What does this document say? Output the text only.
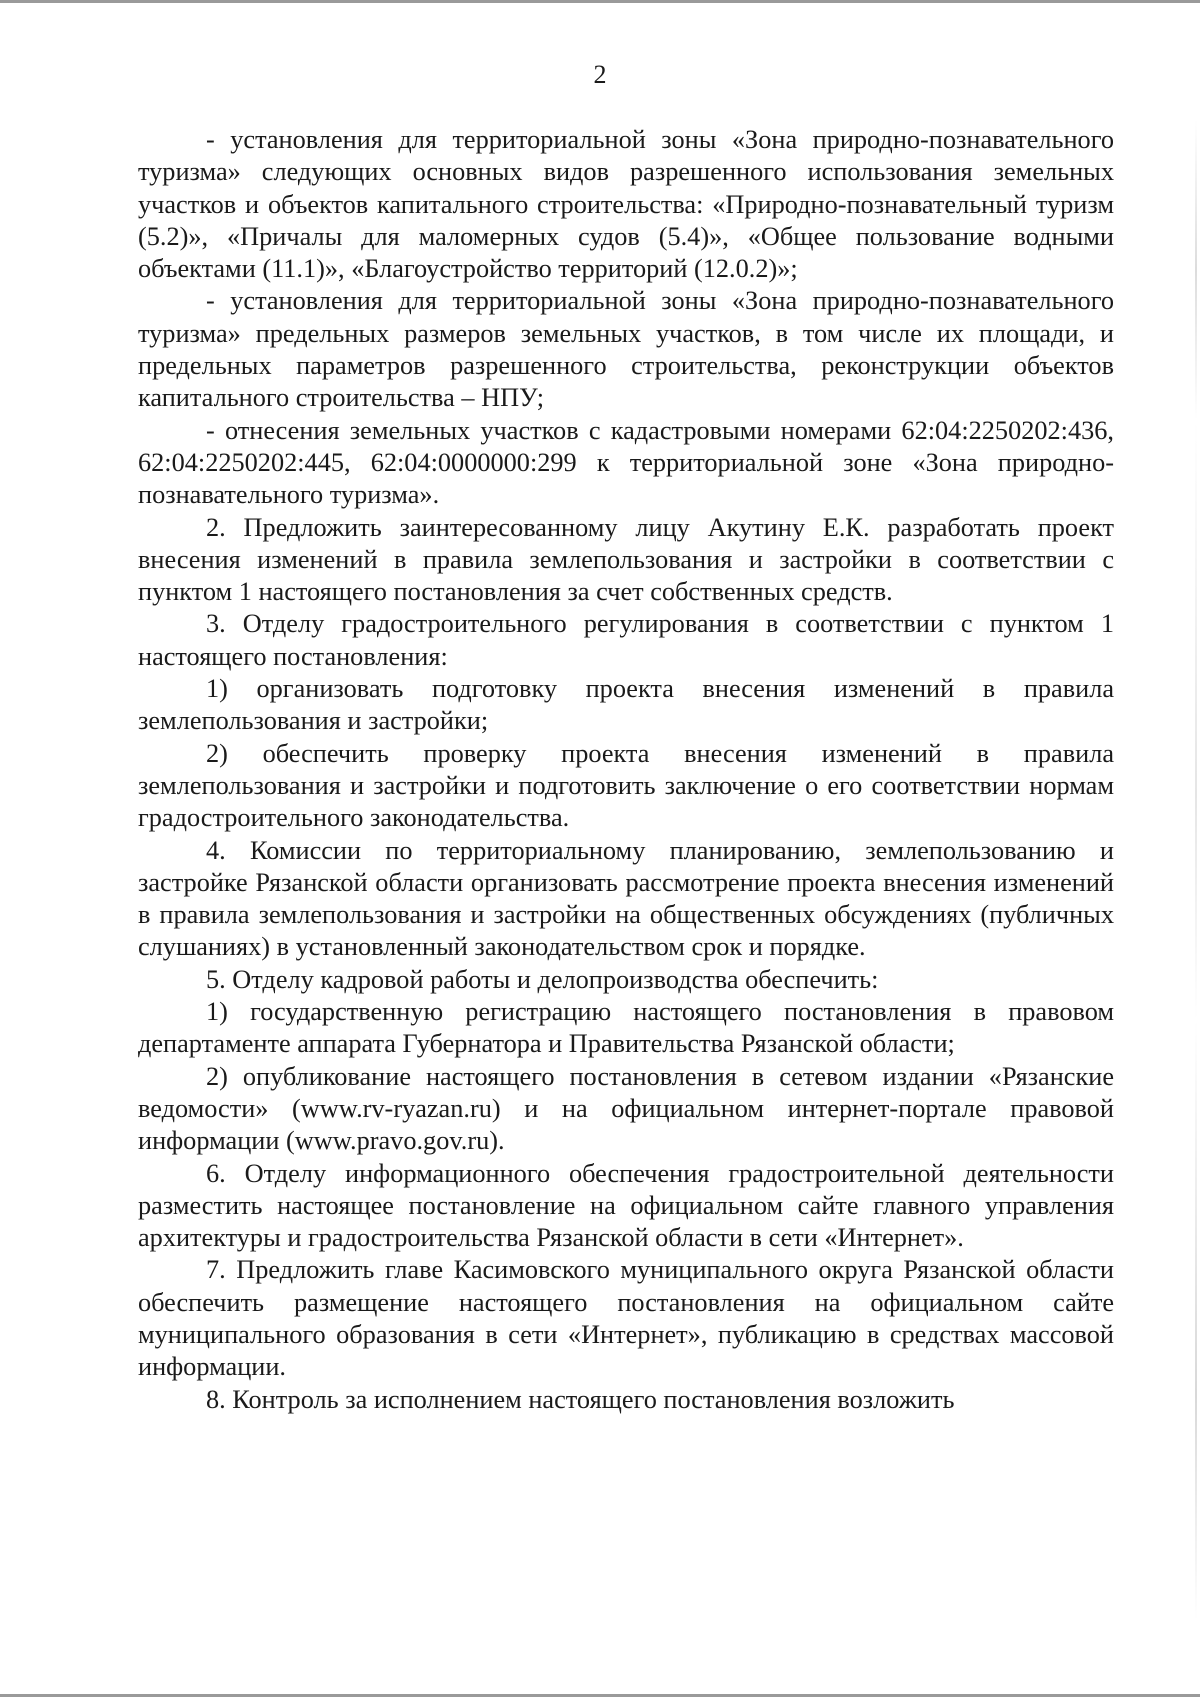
2

- установления для территориальной зоны «Зона природно-познавательного туризма» следующих основных видов разрешенного использования земельных участков и объектов капитального строительства: «Природно-познавательный туризм (5.2)», «Причалы для маломерных судов (5.4)», «Общее пользование водными объектами (11.1)», «Благоустройство территорий (12.0.2)»;

- установления для территориальной зоны «Зона природно-познавательного туризма» предельных размеров земельных участков, в том числе их площади, и предельных параметров разрешенного строительства, реконструкции объектов капитального строительства – НПУ;

- отнесения земельных участков с кадастровыми номерами 62:04:2250202:436, 62:04:2250202:445, 62:04:0000000:299 к территориальной зоне «Зона природно-познавательного туризма».

2. Предложить заинтересованному лицу Акутину Е.К. разработать проект внесения изменений в правила землепользования и застройки в соответствии с пунктом 1 настоящего постановления за счет собственных средств.

3. Отделу градостроительного регулирования в соответствии с пунктом 1 настоящего постановления:

1) организовать подготовку проекта внесения изменений в правила землепользования и застройки;

2) обеспечить проверку проекта внесения изменений в правила землепользования и застройки и подготовить заключение о его соответствии нормам градостроительного законодательства.

4. Комиссии по территориальному планированию, землепользованию и застройке Рязанской области организовать рассмотрение проекта внесения изменений в правила землепользования и застройки на общественных обсуждениях (публичных слушаниях) в установленный законодательством срок и порядке.

5. Отделу кадровой работы и делопроизводства обеспечить:

1) государственную регистрацию настоящего постановления в правовом департаменте аппарата Губернатора и Правительства Рязанской области;

2) опубликование настоящего постановления в сетевом издании «Рязанские ведомости» (www.rv-ryazan.ru) и на официальном интернет-портале правовой информации (www.pravo.gov.ru).

6. Отделу информационного обеспечения градостроительной деятельности разместить настоящее постановление на официальном сайте главного управления архитектуры и градостроительства Рязанской области в сети «Интернет».

7. Предложить главе Касимовского муниципального округа Рязанской области обеспечить размещение настоящего постановления на официальном сайте муниципального образования в сети «Интернет», публикацию в средствах массовой информации.

8. Контроль за исполнением настоящего постановления возложить
